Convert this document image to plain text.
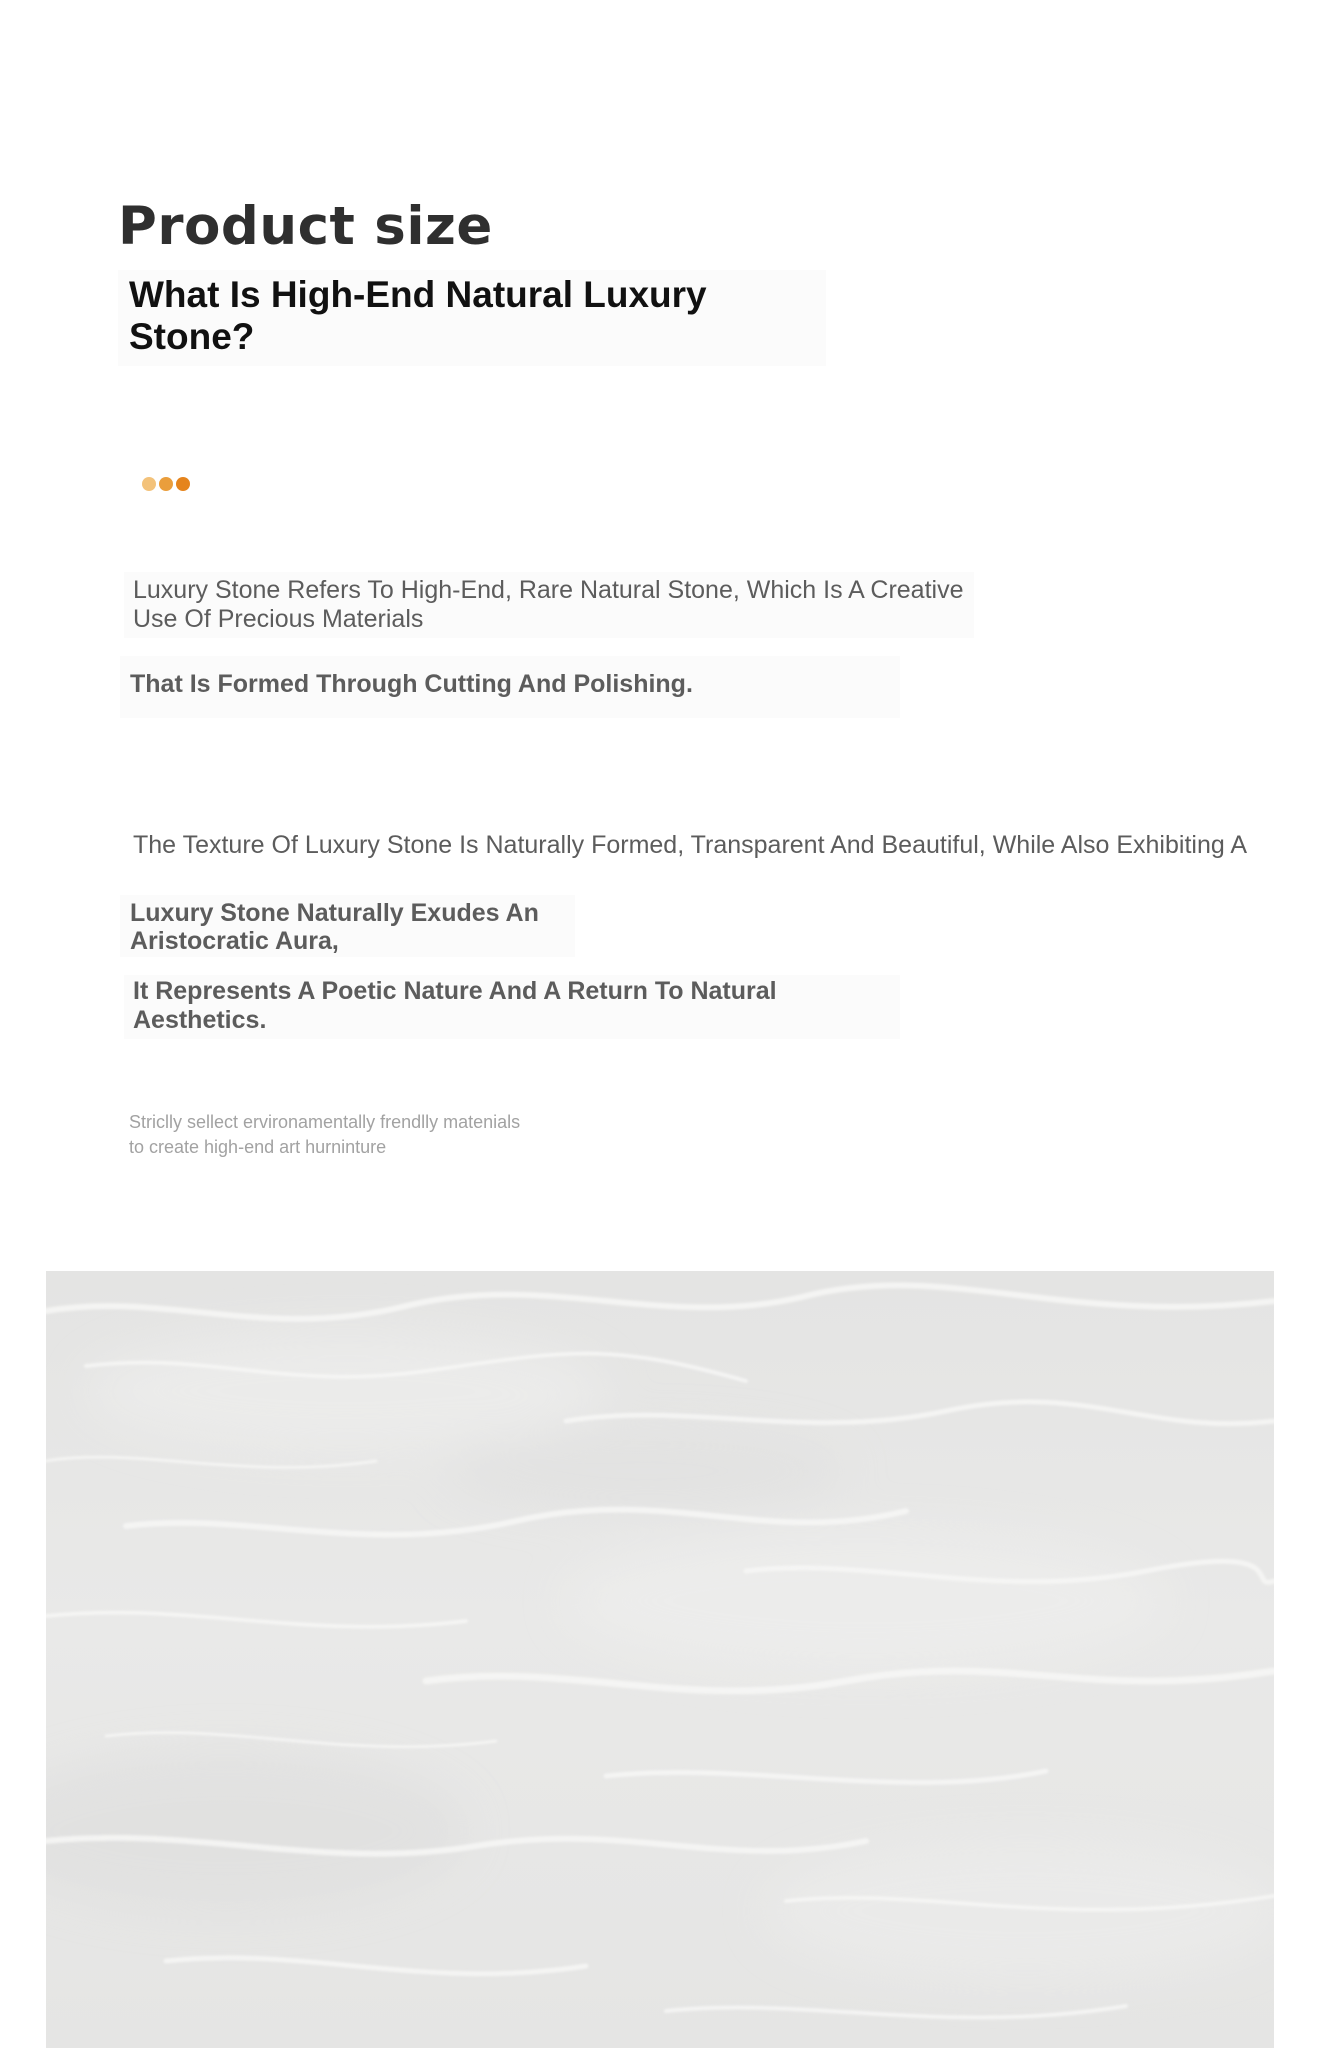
Product size
What Is High-End Natural Luxury Stone?
Luxury Stone Refers To High-End, Rare Natural Stone, Which Is A Creative Use Of Precious Materials
That Is Formed Through Cutting And Polishing.
The Texture Of Luxury Stone Is Naturally Formed, Transparent And Beautiful, While Also Exhibiting A
Luxury Stone Naturally Exudes An Aristocratic Aura,
It Represents A Poetic Nature And A Return To Natural Aesthetics.
Striclly sellect ervironamentally frendlly matenials
to create high-end art hurninture
